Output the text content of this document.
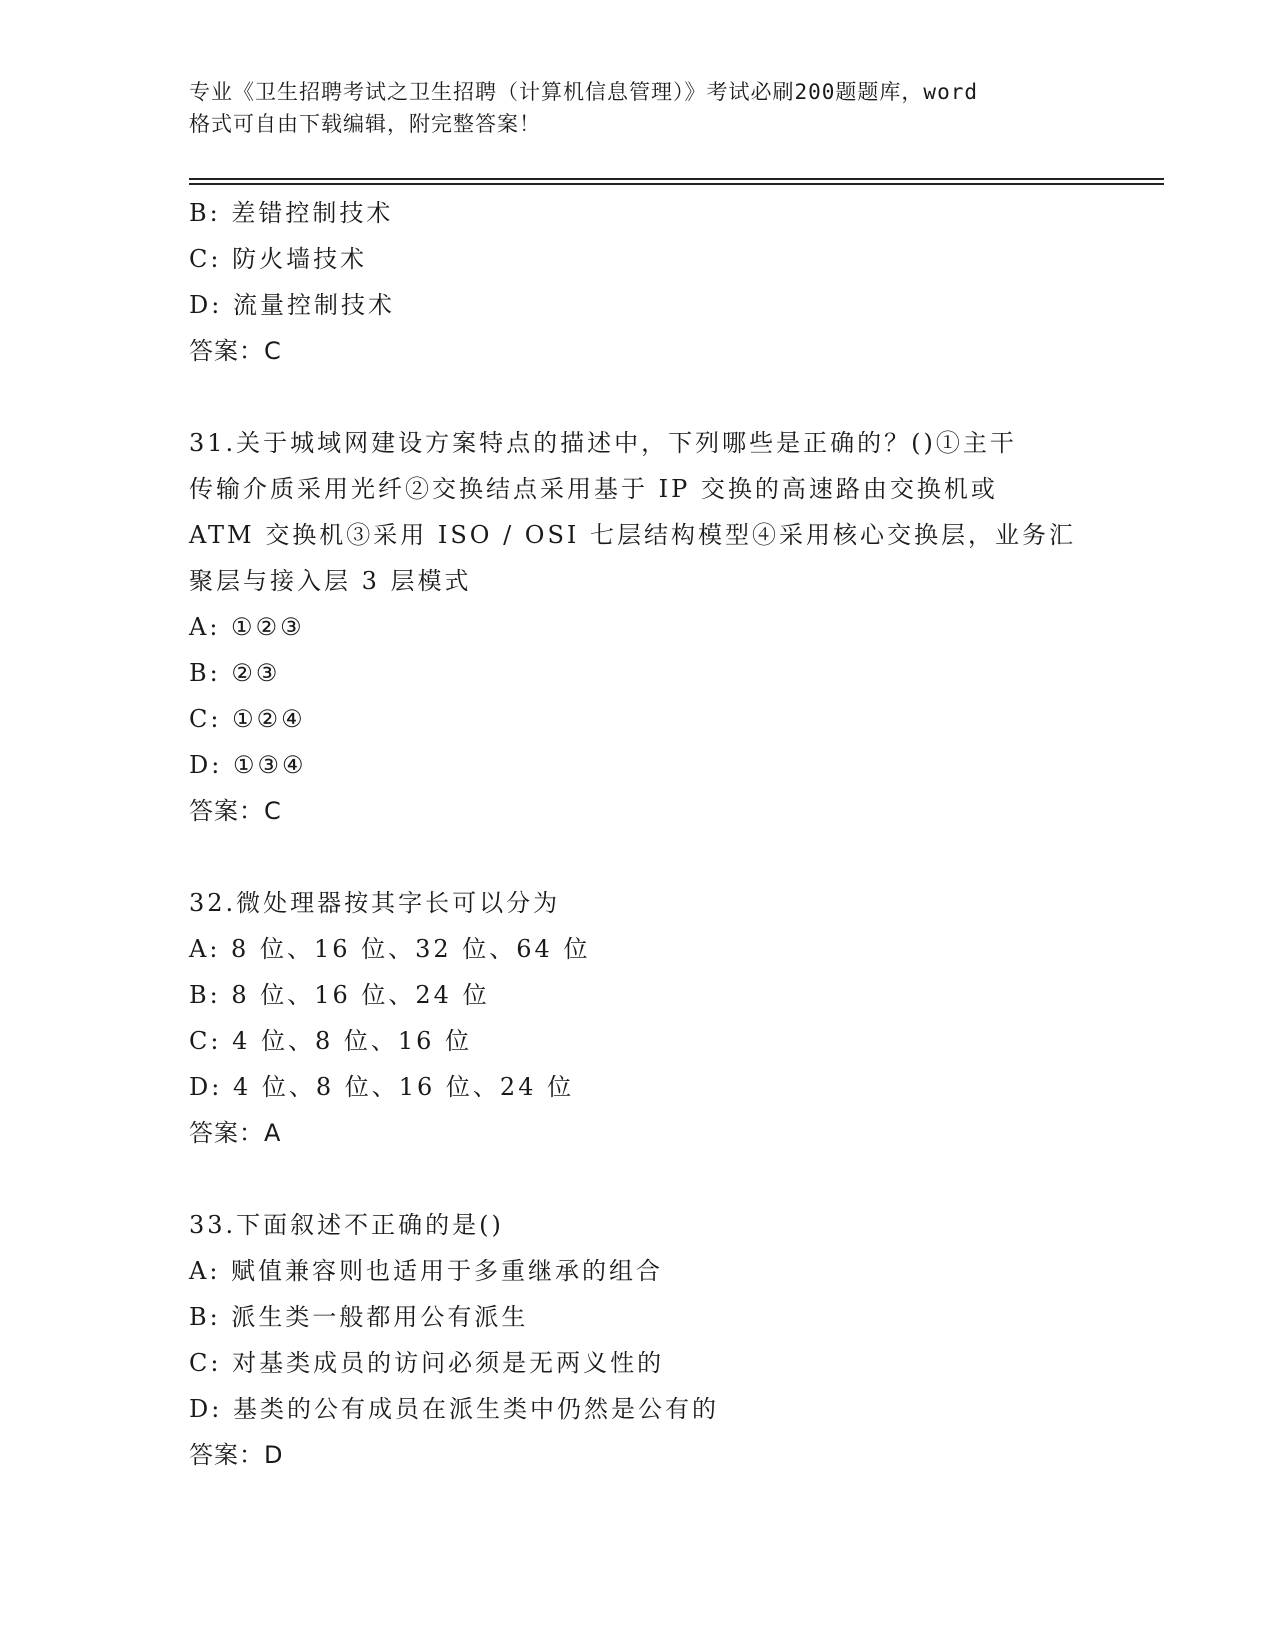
专业《卫生招聘考试之卫生招聘（计算机信息管理）》考试必刷200题题库，word
格式可自由下载编辑，附完整答案！
B: 差错控制技术
C: 防火墙技术
D: 流量控制技术
答案：C
31.关于城域网建设方案特点的描述中，下列哪些是正确的？()①主干
传输介质采用光纤②交换结点采用基于 IP 交换的高速路由交换机或
ATM 交换机③采用 ISO / OSI 七层结构模型④采用核心交换层，业务汇
聚层与接入层 3 层模式
A: ①②③
B: ②③
C: ①②④
D: ①③④
答案：C
32.微处理器按其字长可以分为
A: 8 位、16 位、32 位、64 位
B: 8 位、16 位、24 位
C: 4 位、8 位、16 位
D: 4 位、8 位、16 位、24 位
答案：A
33.下面叙述不正确的是()
A: 赋值兼容则也适用于多重继承的组合
B: 派生类一般都用公有派生
C: 对基类成员的访问必须是无两义性的
D: 基类的公有成员在派生类中仍然是公有的
答案：D
